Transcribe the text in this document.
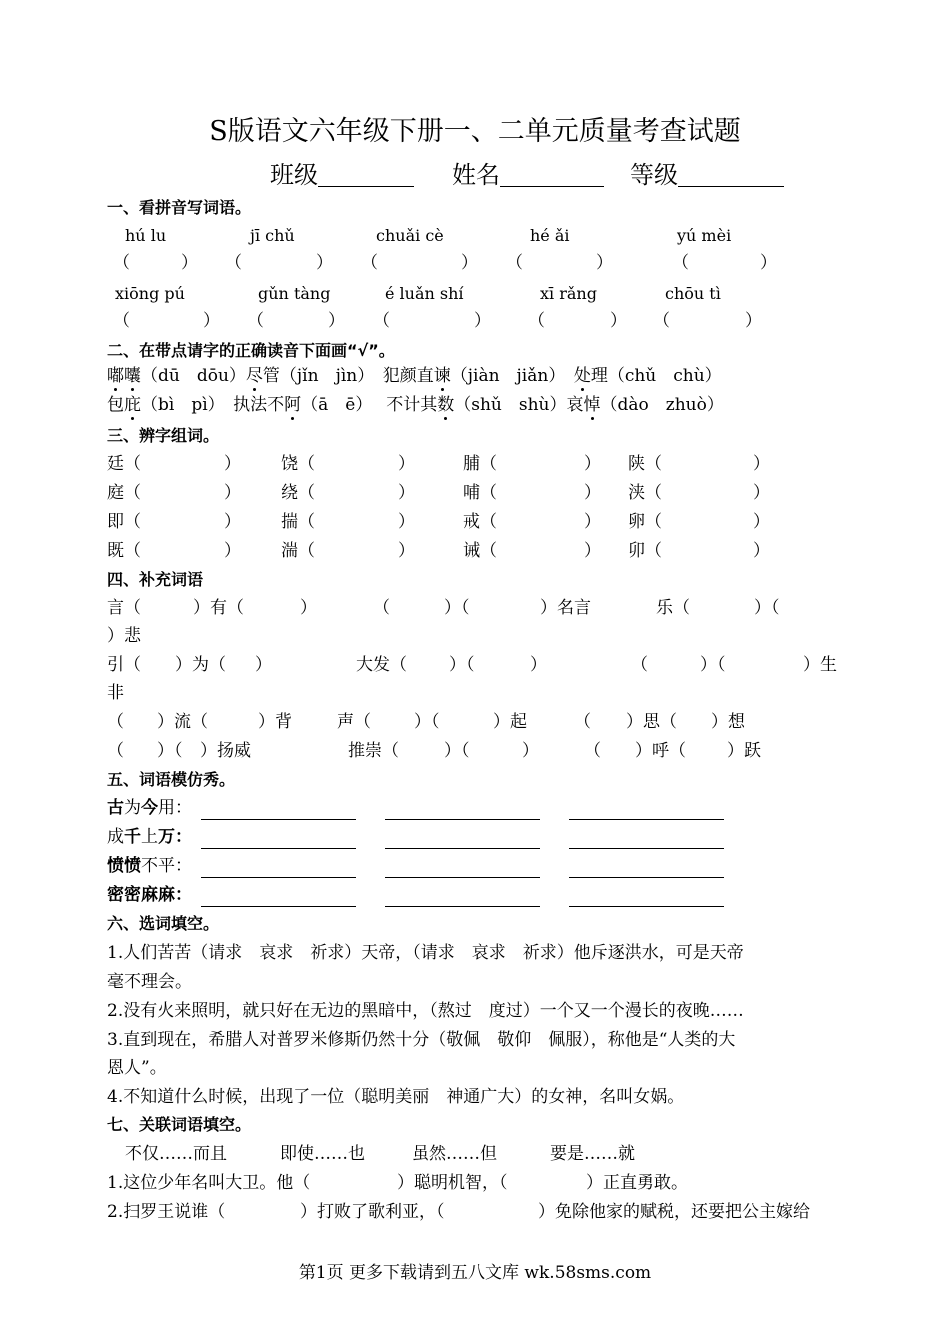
S版语文六年级下册一、二单元质量考查试题
班级	姓名	等级
一、看拼音写词语。
hú lu	jī chǔ	chuǎi cè	hé ǎi	yú mèi
（	） （	） （	） （	）	（	）
xiōng pú	gǔn tàng	é luǎn shí	xī rǎng	chōu tì
（	） （	） （	） （	） （	）
二、在带点请字的正确读音下面画“√”。
嘟囔（dū　dōu）尽管（jǐn　jìn）　 犯颜直谏（jiàn　jiǎn）　 处理（chǔ　chù）
包庇（bì　pì）　 执法不阿（ā　ē）　 不计其数（shǔ　shù）哀悼（dào　zhuò）
三、辨字组词。
廷（	） 饶（	）	脯（	） 陕（	）
庭（	） 绕（	）	哺（	） 浃（	）
即（	） 揣（	）	戒（	） 卵（	）
既（	） 湍（	）	诫（	） 卯（	）
四、补充词语
言（	）有（	）	（	）（	）名言	乐（	）（
）悲
引（ ）为（ ）	大发（ ）（	）	（	）（	）生
非
（ ）流（	）背	声（	）（	）起	（ ）思（ ）想
（ ）（ ）扬威	推崇（	）（	）	（ ）呼（ ）跃
五、词语模仿秀。
古为今用：
成千上万：
愤愤不平：
密密麻麻：
六、选词填空。
1.人们苦苦（请求　哀求　祈求）天帝，（请求　哀求　祈求）他斥逐洪水，可是天帝
毫不理会。
2.没有火来照明，就只好在无边的黑暗中，（熬过　度过）一个又一个漫长的夜晚……
3.直到现在，希腊人对普罗米修斯仍然十分（敬佩　敬仰　佩服），称他是“人类的大
恩人”。
4.不知道什么时候，出现了一位（聪明美丽　神通广大）的女神，名叫女娲。
七、关联词语填空。
不仅……而且	即使……也	虽然……但	要是……就
1.这位少年名叫大卫。他（	）聪明机智，（	）正直勇敢。
2.扫罗王说谁（	）打败了歌利亚，（	）免除他家的赋税，还要把公主嫁给
第1页 更多下载请到五八文库 wk.58sms.com
